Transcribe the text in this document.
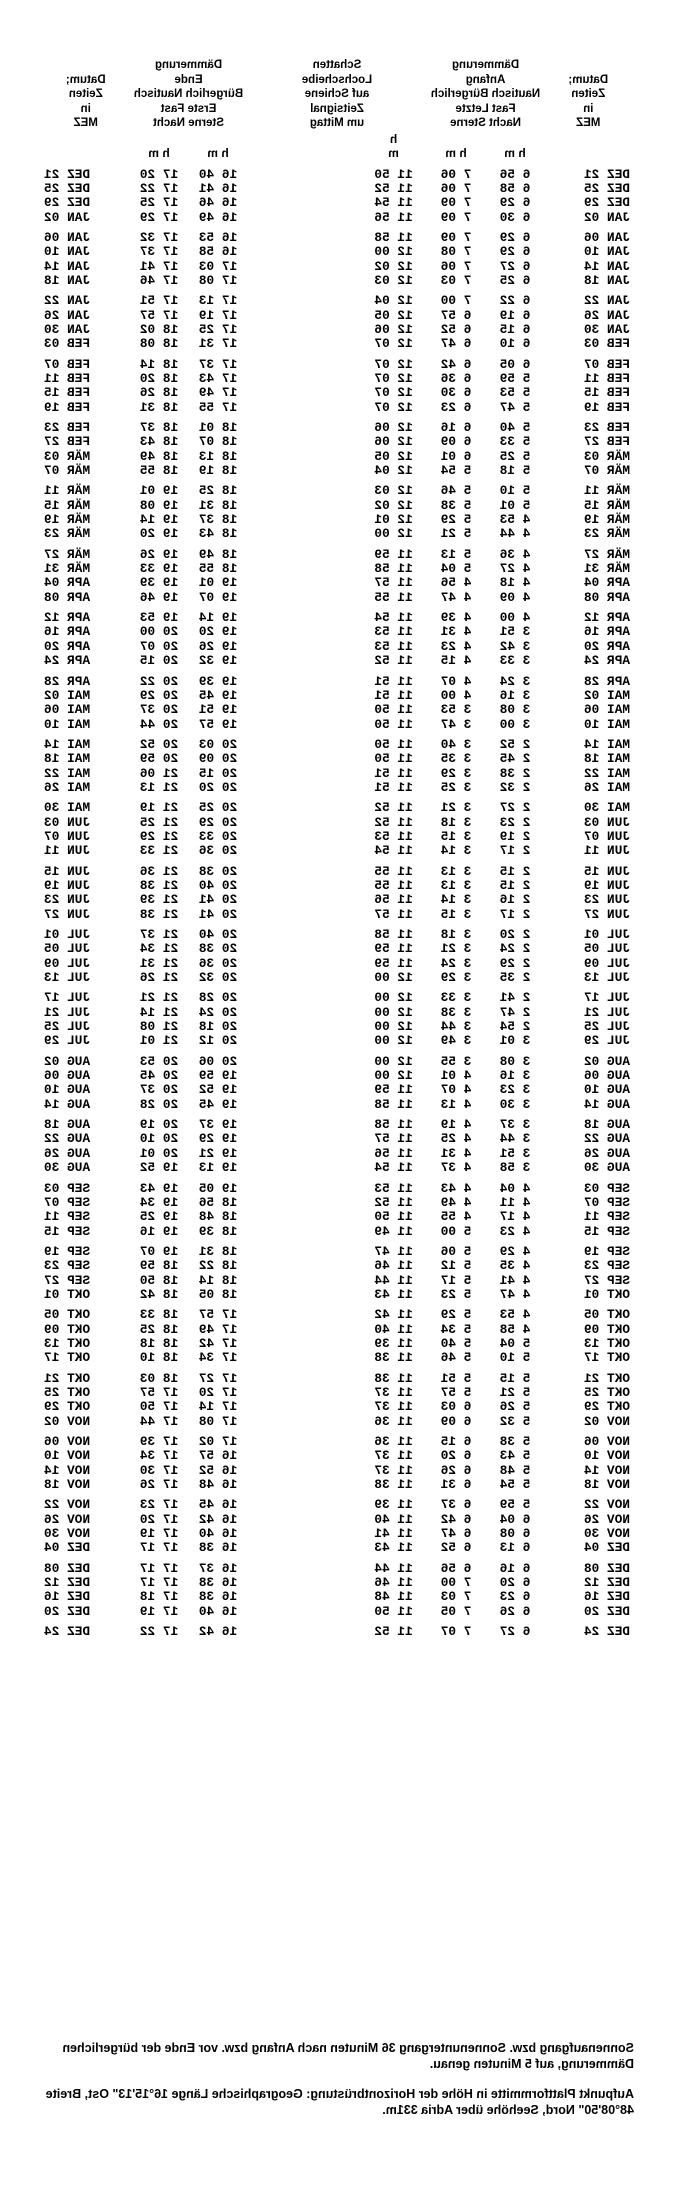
Datum;
Zeiten
in
MEZ	Dämmerung
Anfang
Nautisch Bürgerlich
Fast Letzte
Nacht Sterne		Schatten
Lochscheibe
auf Schiene
Zeitsignal
um Mittag	Dämmerung
Ende
Bürgerlich Nautisch
Erste Fast
Sterne Nacht		Datum;
Zeiten
in
MEZ

	h m	h m	h m	h m	h m	
DEZ 21	6 56	7 06	11 50	16 40	17 20	DEZ 21
DEZ 25	6 58	7 06	11 52	16 41	17 22	DEZ 25
DEZ 29	6 29	7 09	11 54	16 46	17 25	DEZ 29
JAN 02	6 30	7 09	11 56	16 49	17 29	JAN 02
JAN 06	6 29	7 09	11 58	16 53	17 32	JAN 06
JAN 10	6 29	7 08	12 00	16 58	17 37	JAN 10
JAN 14	6 27	7 06	12 02	17 03	17 41	JAN 14
JAN 18	6 25	7 03	12 03	17 08	17 46	JAN 18
JAN 22	6 22	7 00	12 04	17 13	17 51	JAN 22
JAN 26	6 19	6 57	12 05	17 19	17 57	JAN 26
JAN 30	6 15	6 52	12 06	17 25	18 02	JAN 30
FEB 03	6 10	6 47	12 07	17 31	18 08	FEB 03
FEB 07	6 05	6 42	12 07	17 37	18 14	FEB 07
FEB 11	5 59	6 36	12 07	17 43	18 20	FEB 11
FEB 15	5 53	6 30	12 07	17 49	18 26	FEB 15
FEB 19	5 47	6 23	12 07	17 55	18 31	FEB 19
FEB 23	5 40	6 16	12 06	18 01	18 37	FEB 23
FEB 27	5 33	6 09	12 06	18 07	18 43	FEB 27
MÄR 03	5 25	6 01	12 05	18 13	18 49	MÄR 03
MÄR 07	5 18	5 54	12 04	18 19	18 55	MÄR 07
MÄR 11	5 10	5 46	12 03	18 25	19 01	MÄR 11
MÄR 15	5 01	5 38	12 02	18 31	19 08	MÄR 15
MÄR 19	4 53	5 29	12 01	18 37	19 14	MÄR 19
MÄR 23	4 44	5 21	12 00	18 43	19 20	MÄR 23
MÄR 27	4 36	5 13	11 59	18 49	19 26	MÄR 27
MÄR 31	4 27	5 04	11 58	18 55	19 33	MÄR 31
APR 04	4 18	4 56	11 57	19 01	19 39	APR 04
APR 08	4 09	4 47	11 55	19 07	19 46	APR 08
APR 12	4 00	4 39	11 54	19 14	19 53	APR 12
APR 16	3 51	4 31	11 53	19 20	20 00	APR 16
APR 20	3 42	4 23	11 53	19 26	20 07	APR 20
APR 24	3 33	4 15	11 52	19 32	20 15	APR 24
APR 28	3 24	4 07	11 51	19 39	20 22	APR 28
MAI 02	3 16	4 00	11 51	19 45	20 29	MAI 02
MAI 06	3 08	3 53	11 50	19 51	20 37	MAI 06
MAI 10	3 00	3 47	11 50	19 57	20 44	MAI 10
MAI 14	2 52	3 40	11 50	20 03	20 52	MAI 14
MAI 18	2 45	3 35	11 50	20 09	20 59	MAI 18
MAI 22	2 38	3 29	11 51	20 15	21 06	MAI 22
MAI 26	2 32	3 25	11 51	20 20	21 13	MAI 26
MAI 30	2 27	3 21	11 52	20 25	21 19	MAI 30
JUN 03	2 23	3 18	11 52	20 29	21 25	JUN 03
JUN 07	2 19	3 15	11 53	20 33	21 29	JUN 07
JUN 11	2 17	3 14	11 54	20 36	21 33	JUN 11
JUN 15	2 15	3 13	11 55	20 38	21 36	JUN 15
JUN 19	2 15	3 13	11 55	20 40	21 38	JUN 19
JUN 23	2 16	3 14	11 56	20 41	21 39	JUN 23
JUN 27	2 17	3 15	11 57	20 41	21 38	JUN 27
JUL 01	2 20	3 18	11 58	20 40	21 37	JUL 01
JUL 05	2 24	3 21	11 59	20 38	21 34	JUL 05
JUL 09	2 29	3 24	11 59	20 36	21 31	JUL 09
JUL 13	2 35	3 29	12 00	20 32	21 26	JUL 13
JUL 17	2 41	3 33	12 00	20 28	21 21	JUL 17
JUL 21	2 47	3 38	12 00	20 24	21 14	JUL 21
JUL 25	2 54	3 44	12 00	20 18	21 08	JUL 25
JUL 29	3 01	3 49	12 00	20 12	21 01	JUL 29
AUG 02	3 08	3 55	12 00	20 06	20 53	AUG 02
AUG 06	3 16	4 01	12 00	19 59	20 45	AUG 06
AUG 10	3 23	4 07	11 59	19 52	20 37	AUG 10
AUG 14	3 30	4 13	11 58	19 45	20 28	AUG 14
AUG 18	3 37	4 19	11 58	19 37	20 19	AUG 18
AUG 22	3 44	4 25	11 57	19 29	20 10	AUG 22
AUG 26	3 51	4 31	11 56	19 21	20 01	AUG 26
AUG 30	3 58	4 37	11 54	19 13	19 52	AUG 30
SEP 03	4 04	4 43	11 53	19 05	19 43	SEP 03
SEP 07	4 11	4 49	11 52	18 56	19 34	SEP 07
SEP 11	4 17	4 55	11 50	18 48	19 25	SEP 11
SEP 15	4 23	5 00	11 49	18 39	19 16	SEP 15
SEP 19	4 29	5 06	11 47	18 31	19 07	SEP 19
SEP 23	4 35	5 12	11 46	18 22	18 59	SEP 23
SEP 27	4 41	5 17	11 44	18 14	18 50	SEP 27
OKT 01	4 47	5 23	11 43	18 05	18 42	OKT 01
OKT 05	4 53	5 29	11 42	17 57	18 33	OKT 05
OKT 09	4 58	5 34	11 40	17 49	18 25	OKT 09
OKT 13	5 04	5 40	11 39	17 42	18 18	OKT 13
OKT 17	5 10	5 46	11 38	17 34	18 10	OKT 17
OKT 21	5 15	5 51	11 38	17 27	18 03	OKT 21
OKT 25	5 21	5 57	11 37	17 20	17 57	OKT 25
OKT 29	5 26	6 03	11 37	17 14	17 50	OKT 29
NOV 02	5 32	6 09	11 36	17 08	17 44	NOV 02
NOV 06	5 38	6 15	11 36	17 02	17 39	NOV 06
NOV 10	5 43	6 20	11 37	16 57	17 34	NOV 10
NOV 14	5 48	6 26	11 37	16 52	17 30	NOV 14
NOV 18	5 54	6 31	11 38	16 48	17 26	NOV 18
NOV 22	5 59	6 37	11 39	16 45	17 23	NOV 22
NOV 26	6 04	6 42	11 40	16 42	17 20	NOV 26
NOV 30	6 08	6 47	11 41	16 40	17 19	NOV 30
DEZ 04	6 13	6 52	11 43	16 38	17 17	DEZ 04
DEZ 08	6 16	6 56	11 44	16 37	17 17	DEZ 08
DEZ 12	6 20	7 00	11 46	16 38	17 17	DEZ 12
DEZ 16	6 23	7 03	11 48	16 38	17 18	DEZ 16
DEZ 20	6 26	7 05	11 50	16 40	17 19	DEZ 20
DEZ 24	6 27	7 07	11 52	16 42	17 22	DEZ 24

Sonnenaufgang bzw. Sonnenuntergang 36 Minuten nach Anfang bzw. vor Ende der bürgerlichen Dämmerung, auf 5 Minuten genau.

Aufpunkt Plattformmitte in Höhe der Horizontbrüstung: Geographische Länge 16°15'13" Ost, Breite 48°08'50" Nord, Seehöhe über Adria 331m.
